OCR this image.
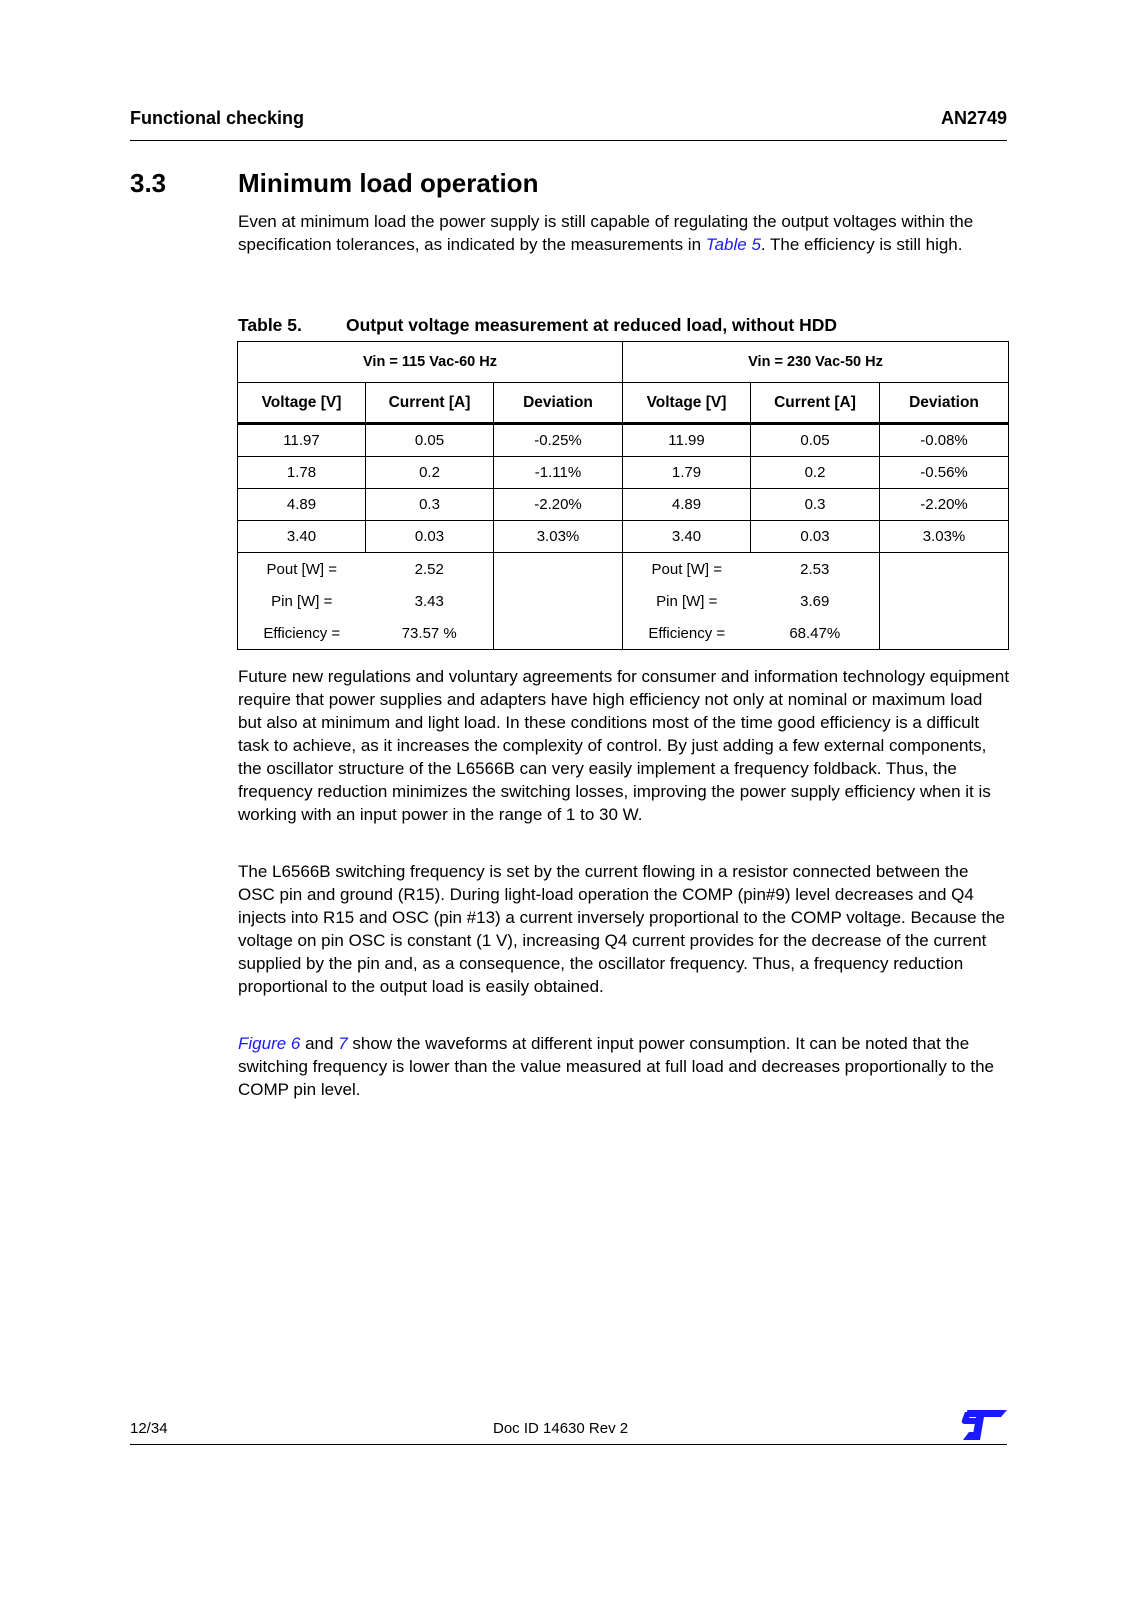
Functional checking	AN2749
3.3	Minimum load operation

Even at minimum load the power supply is still capable of regulating the output voltages within the specification tolerances, as indicated by the measurements in Table 5. The efficiency is still high.

Table 5.	Output voltage measurement at reduced load, without HDD
Vin = 115 Vac-60 Hz			Vin = 230 Vac-50 Hz		
Voltage [V]	Current [A]	Deviation	Voltage [V]	Current [A]	Deviation
11.97	0.05	-0.25%	11.99	0.05	-0.08%
1.78	0.2	-1.11%	1.79	0.2	-0.56%
4.89	0.3	-2.20%	4.89	0.3	-2.20%
3.40	0.03	3.03%	3.40	0.03	3.03%
Pout [W] =	2.52		Pout [W] =	2.53	
Pin [W] =	3.43		Pin [W] =	3.69	
Efficiency =	73.57 %		Efficiency =	68.47%	

Future new regulations and voluntary agreements for consumer and information technology equipment require that power supplies and adapters have high efficiency not only at nominal or maximum load but also at minimum and light load. In these conditions most of the time good efficiency is a difficult task to achieve, as it increases the complexity of control. By just adding a few external components, the oscillator structure of the L6566B can very easily implement a frequency foldback. Thus, the frequency reduction minimizes the switching losses, improving the power supply efficiency when it is working with an input power in the range of 1 to 30 W.

The L6566B switching frequency is set by the current flowing in a resistor connected between the OSC pin and ground (R15). During light-load operation the COMP (pin#9) level decreases and Q4 injects into R15 and OSC (pin #13) a current inversely proportional to the COMP voltage. Because the voltage on pin OSC is constant (1 V), increasing Q4 current provides for the decrease of the current supplied by the pin and, as a consequence, the oscillator frequency. Thus, a frequency reduction proportional to the output load is easily obtained.

Figure 6 and 7 show the waveforms at different input power consumption. It can be noted that the switching frequency is lower than the value measured at full load and decreases proportionally to the COMP pin level.

12/34	Doc ID 14630 Rev 2
